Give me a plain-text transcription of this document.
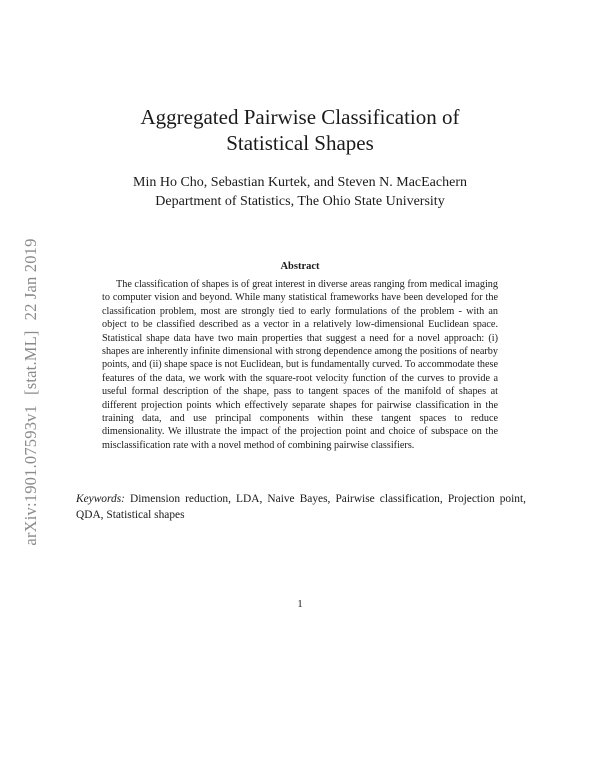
arXiv:1901.07593v1[stat.ML]22 Jan 2019
Aggregated Pairwise Classification of
Statistical Shapes
Min Ho Cho, Sebastian Kurtek, and Steven N. MacEachern
Department of Statistics, The Ohio State University
Abstract

The classification of shapes is of great interest in diverse areas ranging from medical imaging to computer vision and beyond. While many statistical frameworks have been developed for the classification problem, most are strongly tied to early formulations of the problem - with an object to be classified described as a vector in a relatively low-dimensional Euclidean space. Statistical shape data have two main properties that suggest a need for a novel approach: (i) shapes are inherently infinite dimensional with strong dependence among the positions of nearby points, and (ii) shape space is not Euclidean, but is fundamentally curved. To accommodate these features of the data, we work with the square-root velocity function of the curves to provide a useful formal description of the shape, pass to tangent spaces of the manifold of shapes at different projection points which effectively separate shapes for pairwise classification in the training data, and use principal components within these tangent spaces to reduce dimensionality. We illustrate the impact of the projection point and choice of subspace on the misclassification rate with a novel method of combining pairwise classifiers.

Keywords: Dimension reduction, LDA, Naive Bayes, Pairwise classification, Projection point, QDA, Statistical shapes

1
